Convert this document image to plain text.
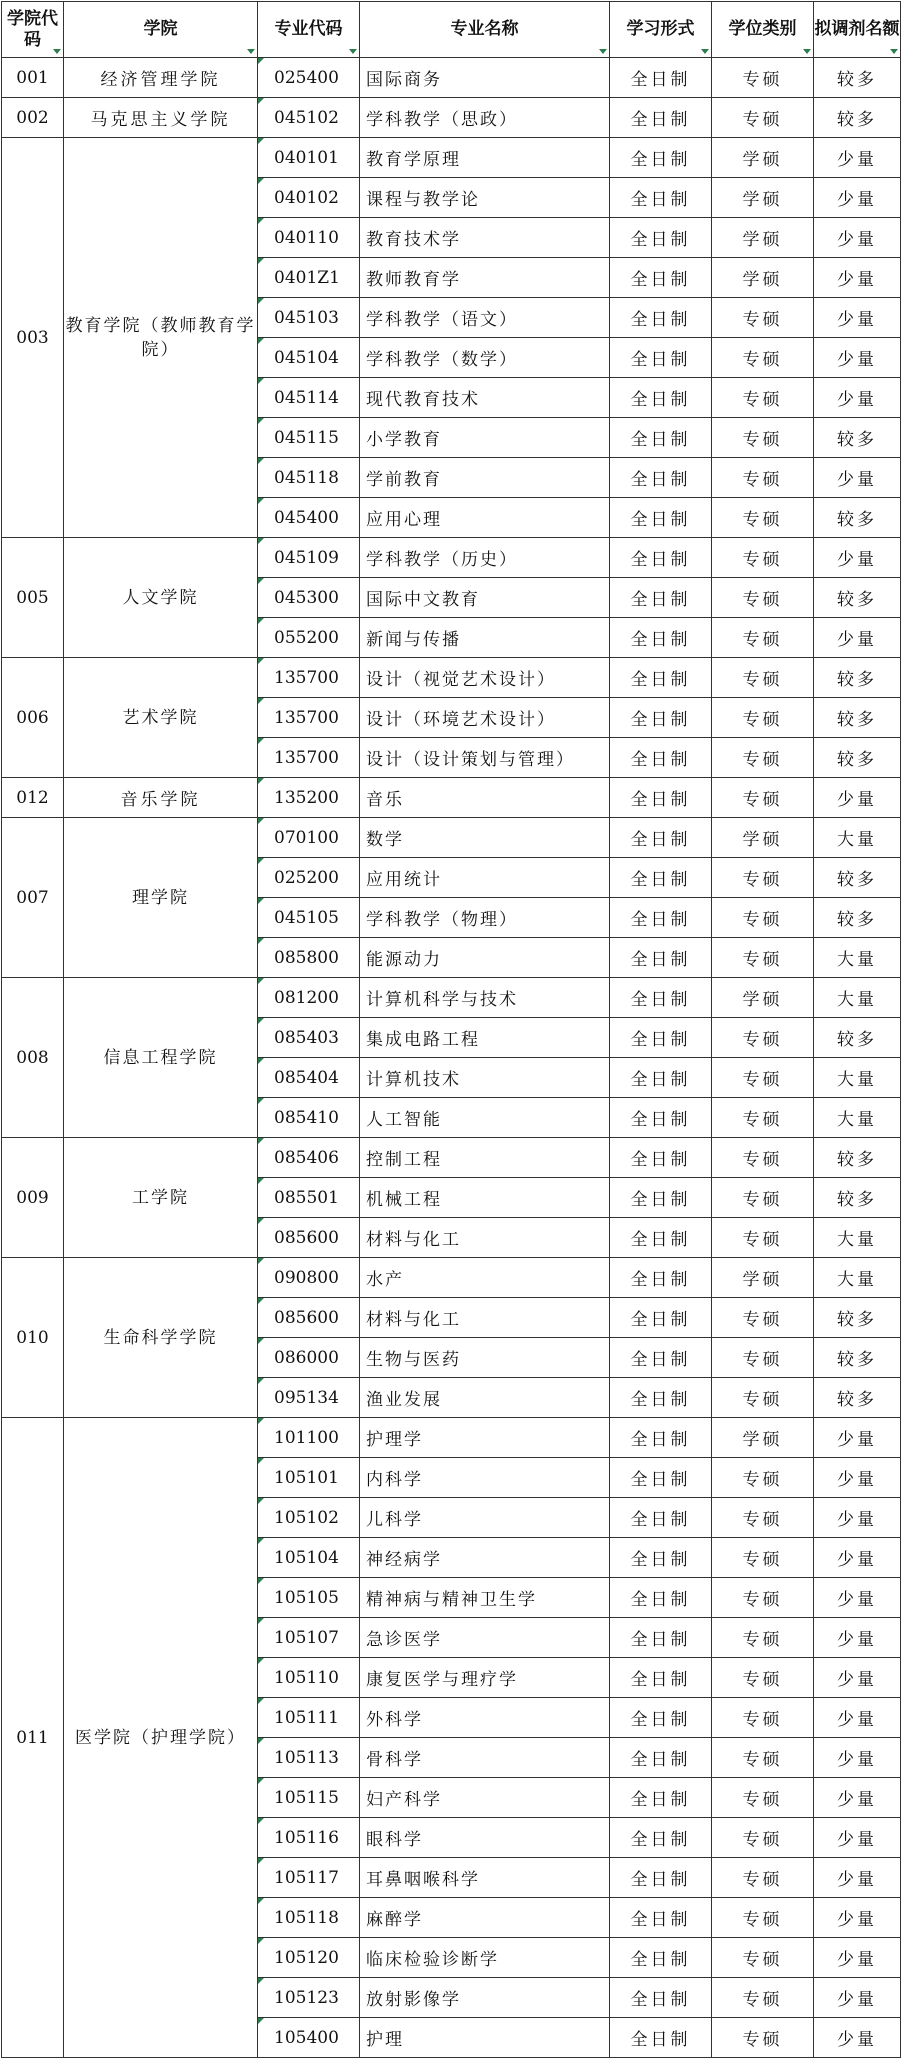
学院代码	学院	专业代码	专业名称	学习形式	学位类别	拟调剂名额

001	经济管理学院	025400	国际商务	全日制	专硕	较多
002	马克思主义学院	045102	学科教学（思政）	全日制	专硕	较多
003	教育学院（教师教育学院）	040101	教育学原理	全日制	学硕	少量

040102	课程与教学论	全日制	学硕	少量

040110	教育技术学	全日制	学硕	少量

0401Z1	教师教育学	全日制	学硕	少量

045103	学科教学（语文）	全日制	专硕	少量

045104	学科教学（数学）	全日制	专硕	少量

045114	现代教育技术	全日制	专硕	少量

045115	小学教育	全日制	专硕	较多

045118	学前教育	全日制	专硕	少量

045400	应用心理	全日制	专硕	较多
005	人文学院	045109	学科教学（历史）	全日制	专硕	少量

045300	国际中文教育	全日制	专硕	较多

055200	新闻与传播	全日制	专硕	少量
006	艺术学院	135700	设计（视觉艺术设计）	全日制	专硕	较多

135700	设计（环境艺术设计）	全日制	专硕	较多

135700	设计（设计策划与管理）	全日制	专硕	较多
012	音乐学院	135200	音乐	全日制	专硕	少量
007	理学院	070100	数学	全日制	学硕	大量

025200	应用统计	全日制	专硕	较多

045105	学科教学（物理）	全日制	专硕	较多

085800	能源动力	全日制	专硕	大量
008	信息工程学院	081200	计算机科学与技术	全日制	学硕	大量

085403	集成电路工程	全日制	专硕	较多

085404	计算机技术	全日制	专硕	大量

085410	人工智能	全日制	专硕	大量
009	工学院	085406	控制工程	全日制	专硕	较多

085501	机械工程	全日制	专硕	较多

085600	材料与化工	全日制	专硕	大量
010	生命科学学院	090800	水产	全日制	学硕	大量

085600	材料与化工	全日制	专硕	较多

086000	生物与医药	全日制	专硕	较多

095134	渔业发展	全日制	专硕	较多
011	医学院（护理学院）	101100	护理学	全日制	学硕	少量

105101	内科学	全日制	专硕	少量

105102	儿科学	全日制	专硕	少量

105104	神经病学	全日制	专硕	少量

105105	精神病与精神卫生学	全日制	专硕	少量

105107	急诊医学	全日制	专硕	少量

105110	康复医学与理疗学	全日制	专硕	少量

105111	外科学	全日制	专硕	少量

105113	骨科学	全日制	专硕	少量

105115	妇产科学	全日制	专硕	少量

105116	眼科学	全日制	专硕	少量

105117	耳鼻咽喉科学	全日制	专硕	少量

105118	麻醉学	全日制	专硕	少量

105120	临床检验诊断学	全日制	专硕	少量

105123	放射影像学	全日制	专硕	少量

105400	护理	全日制	专硕	少量
